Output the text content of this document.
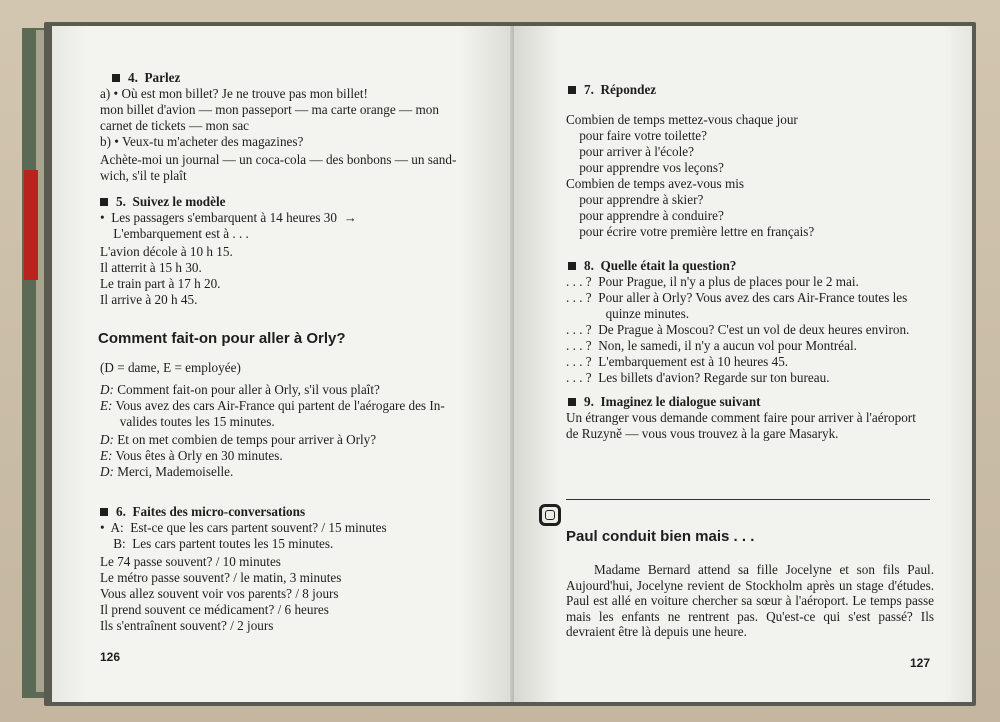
4.  Parlez
a) • Où est mon billet? Je ne trouve pas mon billet!
mon billet d'avion — mon passeport — ma carte orange — mon
carnet de tickets — mon sac
b) • Veux-tu m'acheter des magazines?
Achète-moi un journal — un coca-cola — des bonbons — un sand-
wich, s'il te plaît
5.  Suivez le modèle
•  Les passagers s'embarquent à 14 heures 30  →
L'embarquement est à . . .
L'avion décole à 10 h 15.
Il atterrit à 15 h 30.
Le train part à 17 h 20.
Il arrive à 20 h 45.
Comment fait-on pour aller à Orly?
(D = dame, E = employée)
D: Comment fait-on pour aller à Orly, s'il vous plaît?
E: Vous avez des cars Air-France qui partent de l'aérogare des In-
valides toutes les 15 minutes.
D: Et on met combien de temps pour arriver à Orly?
E: Vous êtes à Orly en 30 minutes.
D: Merci, Mademoiselle.
6.  Faites des micro-conversations
•  A:  Est-ce que les cars partent souvent? / 15 minutes
B:  Les cars partent toutes les 15 minutes.
Le 74 passe souvent? / 10 minutes
Le métro passe souvent? / le matin, 3 minutes
Vous allez souvent voir vos parents? / 8 jours
Il prend souvent ce médicament? / 6 heures
Ils s'entraînent souvent? / 2 jours
126
7.  Répondez
Combien de temps mettez-vous chaque jour
pour faire votre toilette?
pour arriver à l'école?
pour apprendre vos leçons?
Combien de temps avez-vous mis
pour apprendre à skier?
pour apprendre à conduire?
pour écrire votre première lettre en français?
8.  Quelle était la question?
. . . ?  Pour Prague, il n'y a plus de places pour le 2 mai.
. . . ?  Pour aller à Orly? Vous avez des cars Air-France toutes les
quinze minutes.
. . . ?  De Prague à Moscou? C'est un vol de deux heures environ.
. . . ?  Non, le samedi, il n'y a aucun vol pour Montréal.
. . . ?  L'embarquement est à 10 heures 45.
. . . ?  Les billets d'avion? Regarde sur ton bureau.
9.  Imaginez le dialogue suivant
Un étranger vous demande comment faire pour arriver à l'aéroport
de Ruzyně — vous vous trouvez à la gare Masaryk.
Paul conduit bien mais . . .
Madame Bernard attend sa fille Jocelyne et son fils Paul. Aujourd'hui, Jocelyne revient de Stockholm après un stage d'études. Paul est allé en voiture chercher sa sœur à l'aéroport. Le temps passe mais les enfants ne rentrent pas. Qu'est-ce qui s'est passé? Ils devraient être là depuis une heure.
127
